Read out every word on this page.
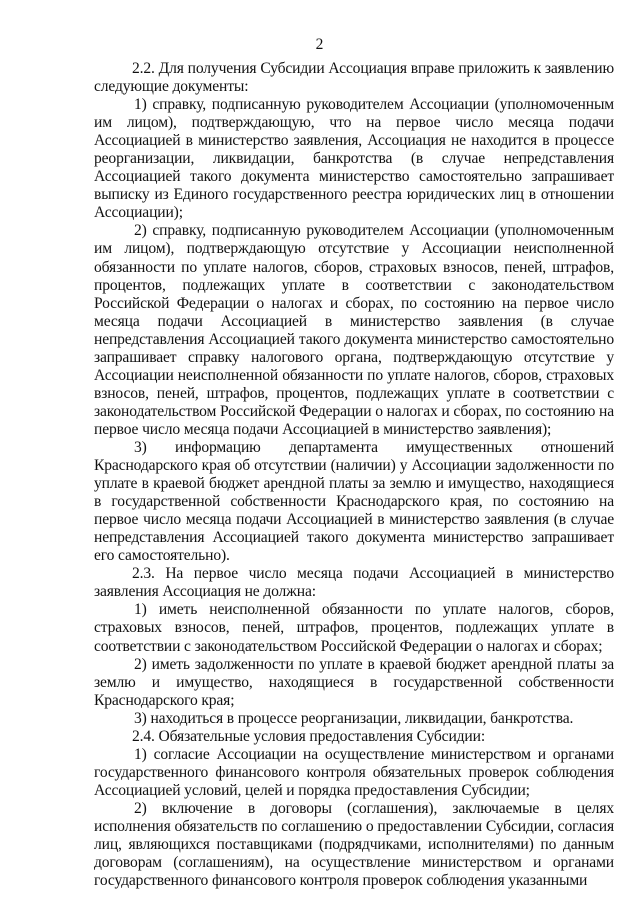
2

2.2. Для получения Субсидии Ассоциация вправе приложить к заявлению следующие документы:

1) справку, подписанную руководителем Ассоциации (уполномоченным им лицом), подтверждающую, что на первое число месяца подачи Ассоциацией в министерство заявления, Ассоциация не находится в процессе реорганизации, ликвидации, банкротства (в случае непредставления Ассоциацией такого документа министерство самостоятельно запрашивает выписку из Единого государственного реестра юридических лиц в отношении Ассоциации);

2) справку, подписанную руководителем Ассоциации (уполномоченным им лицом), подтверждающую отсутствие у Ассоциации неисполненной обязанности по уплате налогов, сборов, страховых взносов, пеней, штрафов, процентов, подлежащих уплате в соответствии с законодательством Российской Федерации о налогах и сборах, по состоянию на первое число месяца подачи Ассоциацией в министерство заявления (в случае непредставления Ассоциацией такого документа министерство самостоятельно запрашивает справку налогового органа, подтверждающую отсутствие у Ассоциации неисполненной обязанности по уплате налогов, сборов, страховых взносов, пеней, штрафов, процентов, подлежащих уплате в соответствии с законодательством Российской Федерации о налогах и сборах, по состоянию на первое число месяца подачи Ассоциацией в министерство заявления);

3) информацию департамента имущественных отношений Краснодарского края об отсутствии (наличии) у Ассоциации задолженности по уплате в краевой бюджет арендной платы за землю и имущество, находящиеся в государственной собственности Краснодарского края, по состоянию на первое число месяца подачи Ассоциацией в министерство заявления (в случае непредставления Ассоциацией такого документа министерство запрашивает его самостоятельно).

2.3. На первое число месяца подачи Ассоциацией в министерство заявления Ассоциация не должна:

1) иметь неисполненной обязанности по уплате налогов, сборов, страховых взносов, пеней, штрафов, процентов, подлежащих уплате в соответствии с законодательством Российской Федерации о налогах и сборах;

2) иметь задолженности по уплате в краевой бюджет арендной платы за землю и имущество, находящиеся в государственной собственности Краснодарского края;

3) находиться в процессе реорганизации, ликвидации, банкротства.

2.4. Обязательные условия предоставления Субсидии:

1) согласие Ассоциации на осуществление министерством и органами государственного финансового контроля обязательных проверок соблюдения Ассоциацией условий, целей и порядка предоставления Субсидии;

2) включение в договоры (соглашения), заключаемые в целях исполнения обязательств по соглашению о предоставлении Субсидии, согласия лиц, являющихся поставщиками (подрядчиками, исполнителями) по данным договорам (соглашениям), на осуществление министерством и органами государственного финансового контроля проверок соблюдения указанными
